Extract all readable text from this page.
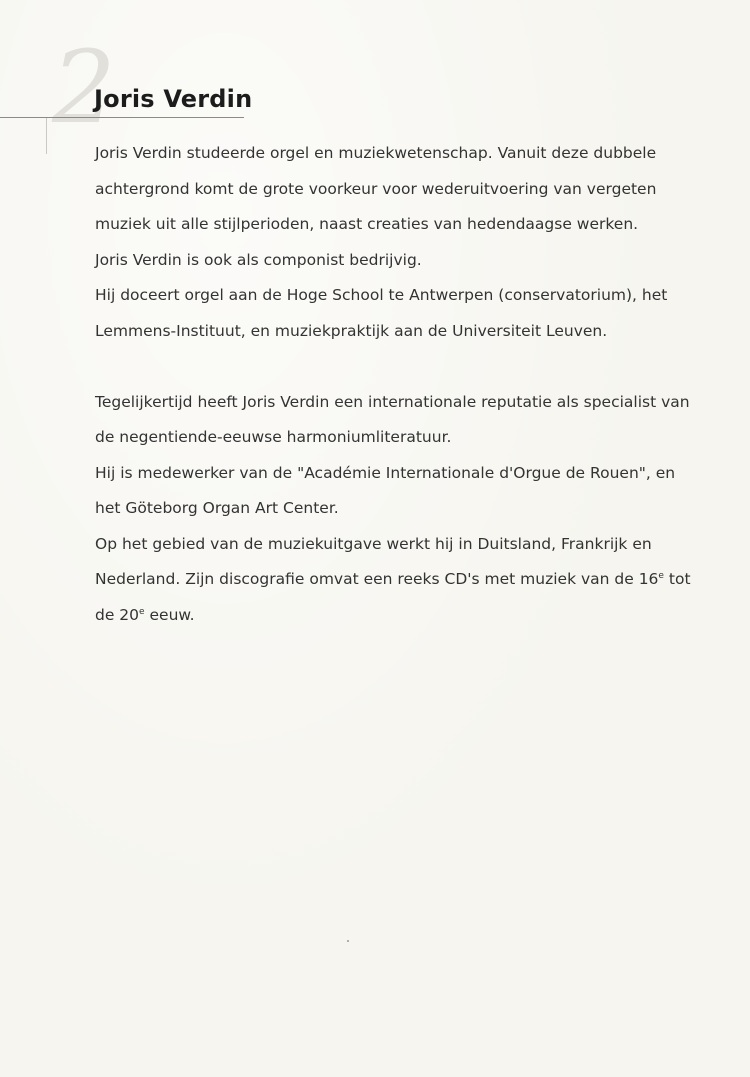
2
Joris Verdin
Joris Verdin studeerde orgel en muziekwetenschap. Vanuit deze dubbele
achtergrond komt de grote voorkeur voor wederuitvoering van vergeten
muziek uit alle stijlperioden, naast creaties van hedendaagse werken.
Joris Verdin is ook als componist bedrijvig.
Hij doceert orgel aan de Hoge School te Antwerpen (conservatorium), het
Lemmens-Instituut, en muziekpraktijk aan de Universiteit Leuven.
Tegelijkertijd heeft Joris Verdin een internationale reputatie als specialist van
de negentiende-eeuwse harmoniumliteratuur.
Hij is medewerker van de "Académie Internationale d'Orgue de Rouen", en
het Göteborg Organ Art Center.
Op het gebied van de muziekuitgave werkt hij in Duitsland, Frankrijk en
Nederland. Zijn discografie omvat een reeks CD's met muziek van de 16e tot
de 20e eeuw.
